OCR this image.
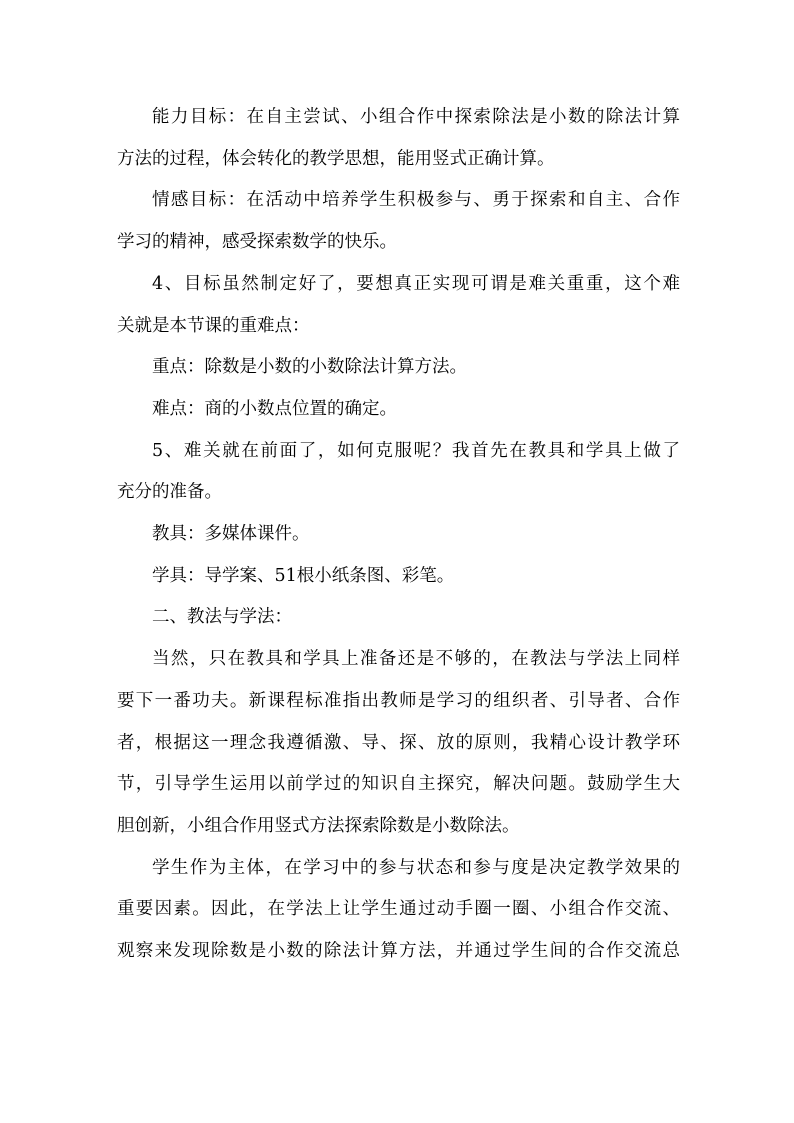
能力目标：在自主尝试、小组合作中探索除法是小数的除法计算
方法的过程，体会转化的教学思想，能用竖式正确计算。
情感目标：在活动中培养学生积极参与、勇于探索和自主、合作
学习的精神，感受探索数学的快乐。
4、目标虽然制定好了，要想真正实现可谓是难关重重，这个难
关就是本节课的重难点：
重点：除数是小数的小数除法计算方法。
难点：商的小数点位置的确定。
5、难关就在前面了，如何克服呢？我首先在教具和学具上做了
充分的准备。
教具：多媒体课件。
学具：导学案、51根小纸条图、彩笔。
二、教法与学法：
当然，只在教具和学具上准备还是不够的，在教法与学法上同样
要下一番功夫。新课程标准指出教师是学习的组织者、引导者、合作
者，根据这一理念我遵循激、导、探、放的原则，我精心设计教学环
节，引导学生运用以前学过的知识自主探究，解决问题。鼓励学生大
胆创新，小组合作用竖式方法探索除数是小数除法。
学生作为主体，在学习中的参与状态和参与度是决定教学效果的
重要因素。因此，在学法上让学生通过动手圈一圈、小组合作交流、
观察来发现除数是小数的除法计算方法，并通过学生间的合作交流总
